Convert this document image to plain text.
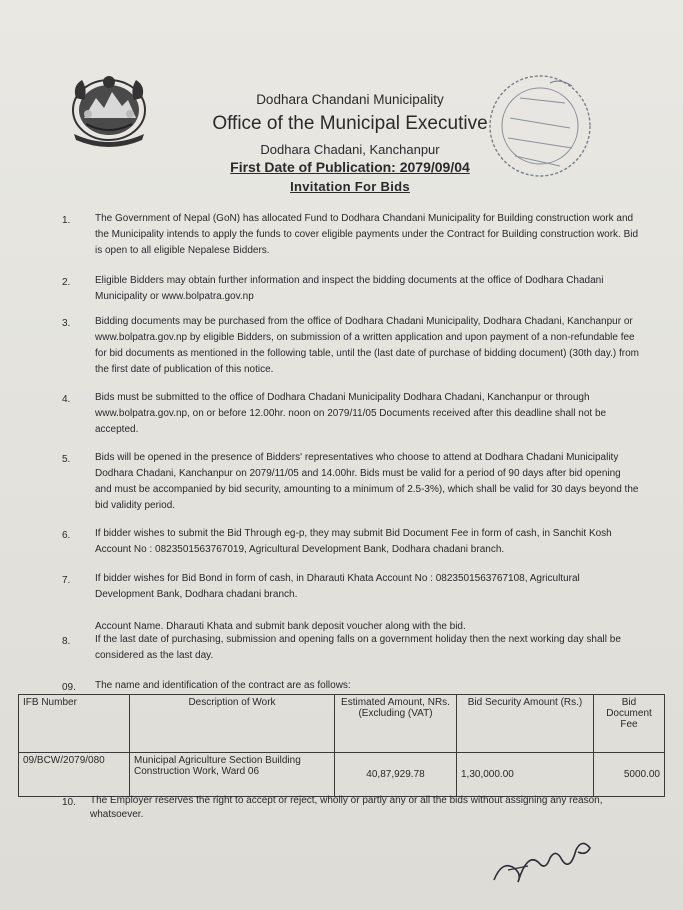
Dodhara Chandani Municipality
Office of the Municipal Executive
Dodhara Chadani, Kanchanpur
First Date of Publication: 2079/09/04
Invitation For Bids
1. The Government of Nepal (GoN) has allocated Fund to Dodhara Chandani Municipality for Building construction work and the Municipality intends to apply the funds to cover eligible payments under the Contract for Building construction work. Bid is open to all eligible Nepalese Bidders.
2. Eligible Bidders may obtain further information and inspect the bidding documents at the office of Dodhara Chadani Municipality or www.bolpatra.gov.np
3. Bidding documents may be purchased from the office of Dodhara Chadani Municipality, Dodhara Chadani, Kanchanpur or www.bolpatra.gov.np by eligible Bidders, on submission of a written application and upon payment of a non-refundable fee for bid documents as mentioned in the following table, until the (last date of purchase of bidding document) (30th day.) from the first date of publication of this notice.
4. Bids must be submitted to the office of Dodhara Chadani Municipality Dodhara Chadani, Kanchanpur or through www.bolpatra.gov.np, on or before 12.00hr. noon on 2079/11/05 Documents received after this deadline shall not be accepted.
5. Bids will be opened in the presence of Bidders' representatives who choose to attend at Dodhara Chadani Municipality Dodhara Chadani, Kanchanpur on 2079/11/05 and 14.00hr. Bids must be valid for a period of 90 days after bid opening and must be accompanied by bid security, amounting to a minimum of 2.5-3%), which shall be valid for 30 days beyond the bid validity period.
6. If bidder wishes to submit the Bid Through eg-p, they may submit Bid Document Fee in form of cash, in Sanchit Kosh Account No : 0823501563767019, Agricultural Development Bank, Dodhara chadani branch.
7. If bidder wishes for Bid Bond in form of cash, in Dharauti Khata Account No : 0823501563767108, Agricultural Development Bank, Dodhara chadani branch.
Account Name. Dharauti Khata and submit bank deposit voucher along with the bid.
8. If the last date of purchasing, submission and opening falls on a government holiday then the next working day shall be considered as the last day.
09. The name and identification of the contract are as follows:
IFB Number	Description of Work	Estimated Amount, NRs.(Excluding (VAT)	Bid Security Amount (Rs.)	Bid Document Fee
09/BCW/2079/080	Municipal Agriculture Section Building Construction Work, Ward 06	40,87,929.78	1,30,000.00	5000.00
10. The Employer reserves the right to accept or reject, wholly or partly any or all the bids without assigning any reason, whatsoever.
